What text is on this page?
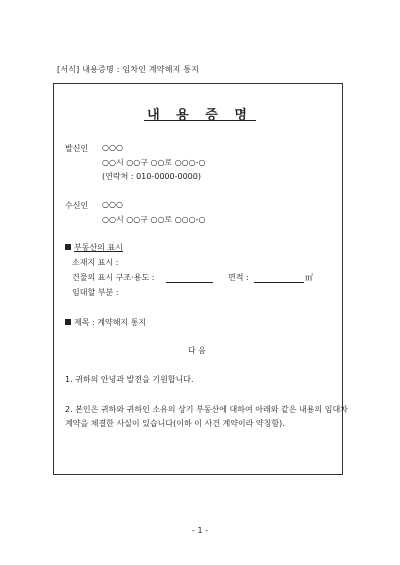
[서식] 내용증명 : 임차인 계약해지 통지
내 용 증 명
발신인 ○○○
○○시 ○○구 ○○로 ○○○-○
(연락처 : 010-0000-0000)
수신인 ○○○
○○시 ○○구 ○○로 ○○○-○
부동산의 표시
소재지 표시 :
건물의 표시 구조·용도 :	면적 :	㎡
임대할 부분 :
제목 : 계약해지 통지
다 음
1. 귀하의 안녕과 발전을 기원합니다.
2. 본인은 귀하와 귀하인 소유의 상기 부동산에 대하여 아래와 같은 내용의 임대차
계약을 체결한 사실이 있습니다(이하 이 사건 계약이라 약칭함).
- 1 -
